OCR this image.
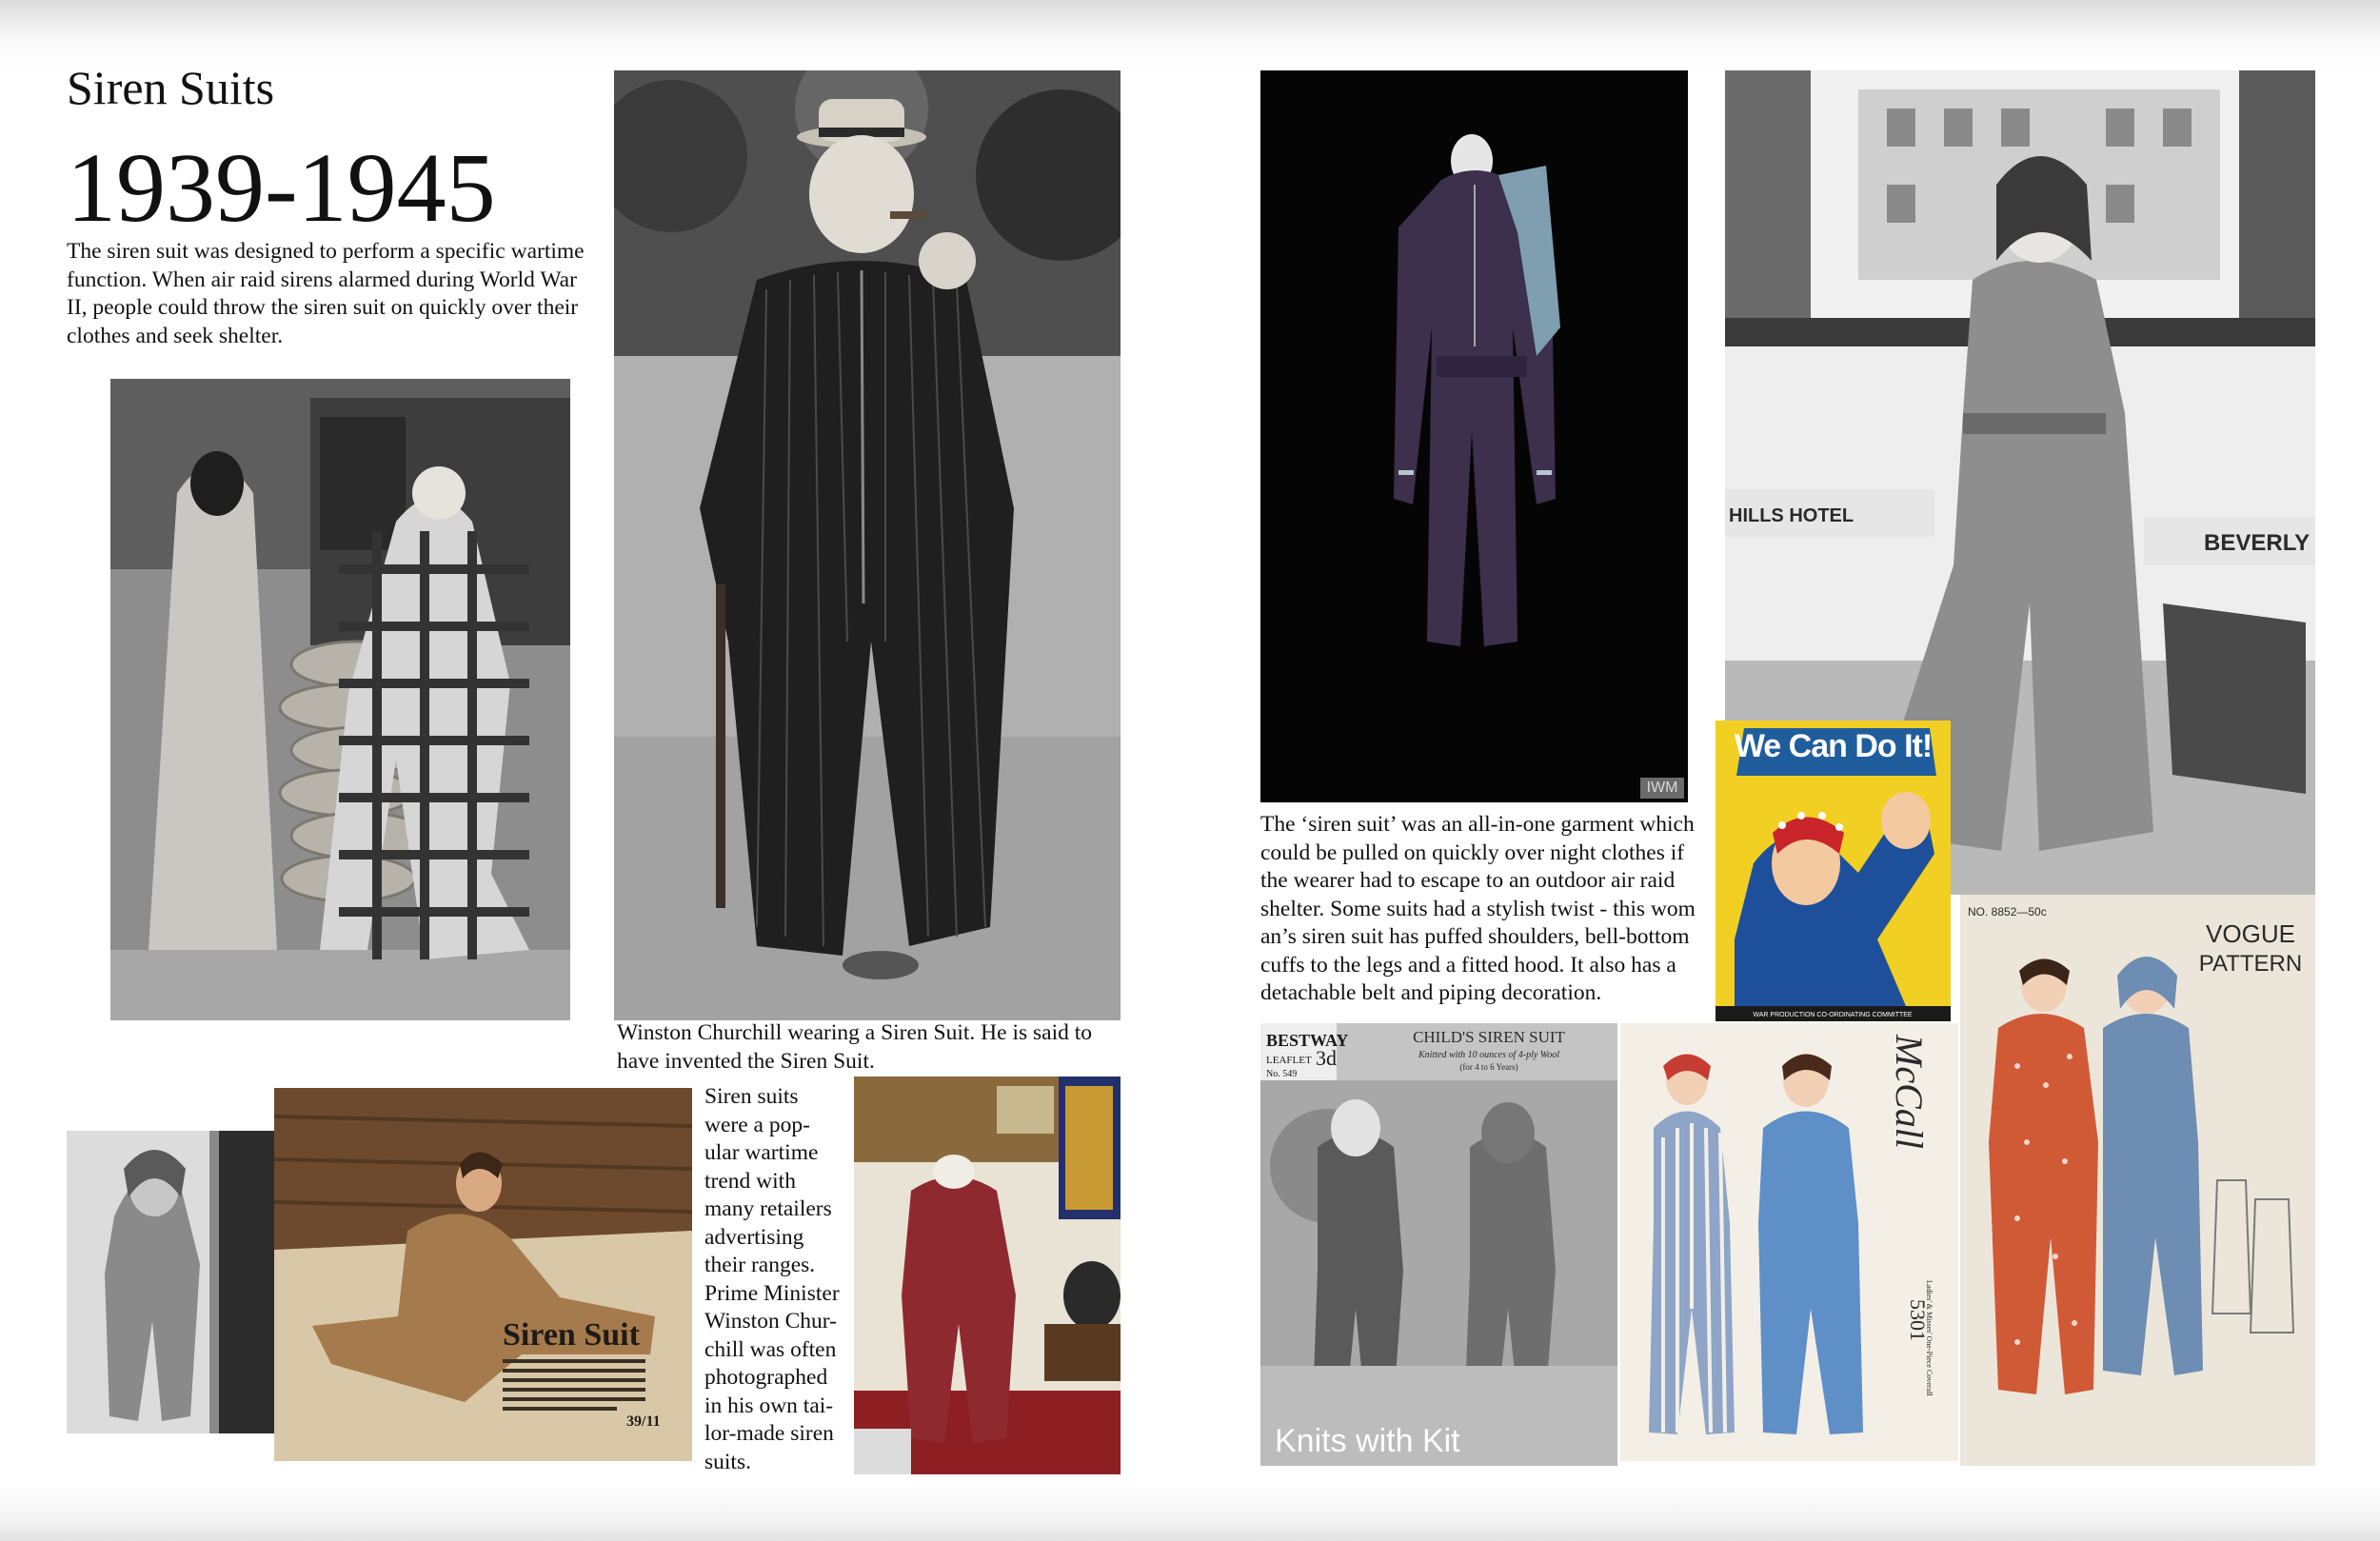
Siren Suits
1939-1945
The siren suit was designed to perform a specific wartime
function. When air raid sirens alarmed during World War
II, people could throw the siren suit on quickly over their
clothes and seek shelter.
Winston Churchill wearing a Siren Suit. He is said to
have invented the Siren Suit.
Siren Suit
39/11
Siren suits
were a pop-
ular wartime
trend with
many retailers
advertising
their ranges.
Prime Minister
Winston Chur-
chill was often
photographed
in his own tai-
lor-made siren
suits.
IWM
The ‘siren suit’ was an all-in-one garment which
could be pulled on quickly over night clothes if
the wearer had to escape to an outdoor air raid
shelter. Some suits had a stylish twist - this wom
an’s siren suit has puffed shoulders, bell-bottom
cuffs to the legs and a fitted hood. It also has a
detachable belt and piping decoration.
HILLS HOTEL
BEVERLY
WAR PRODUCTION CO-ORDINATING COMMITTEE
We Can Do It!
BESTWAY
LEAFLET 3d
No. 549
CHILD'S SIREN SUIT
Knitted with 10 ounces of 4-ply Wool
(for 4 to 6 Years)
Knits with Kit
McCall
5301
Ladies' & Misses' One-Piece Coverall
NO. 8852—50c
VOGUE
PATTERN
